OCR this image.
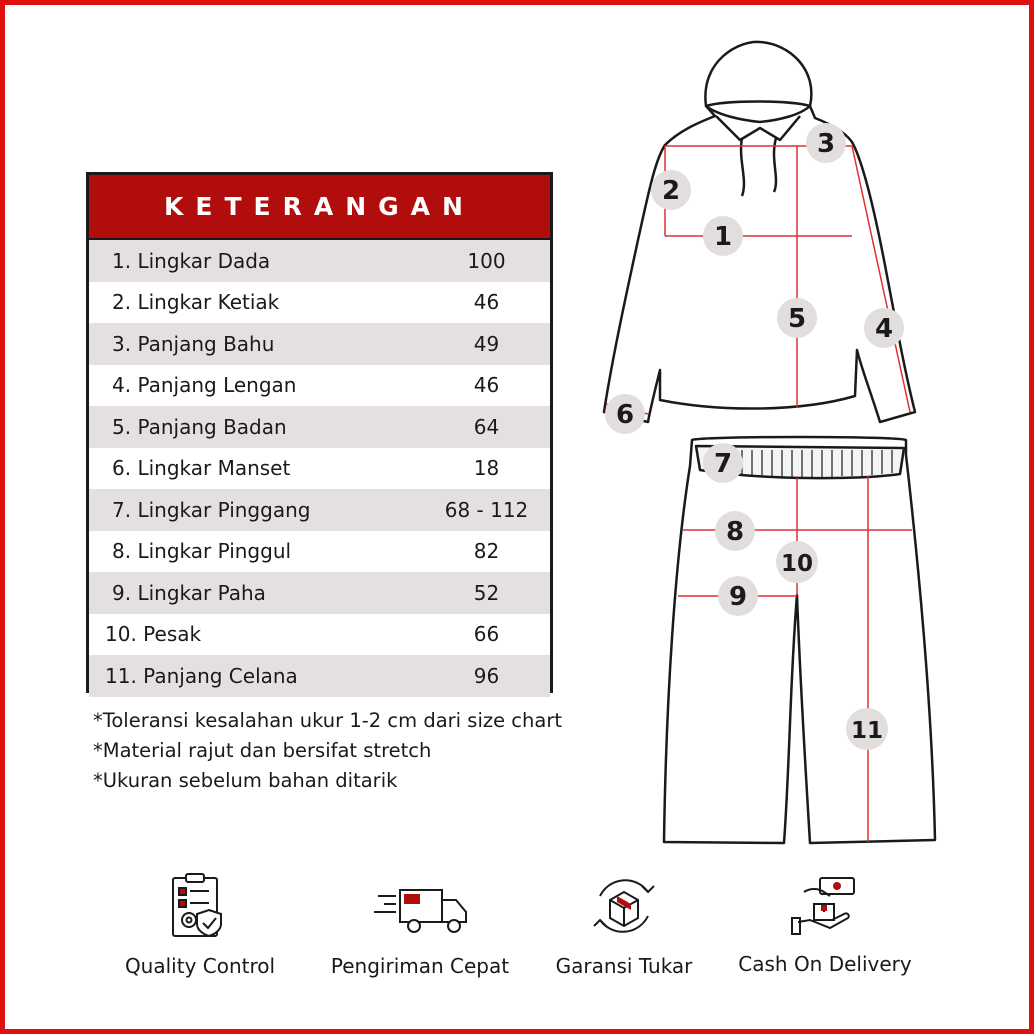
KETERANGAN
1. Lingkar Dada	100
2. Lingkar Ketiak	46
3. Panjang Bahu	49
4. Panjang Lengan	46
5. Panjang Badan	64
6. Lingkar Manset	18
7. Lingkar Pinggang	68 - 112
8. Lingkar Pinggul	82
9. Lingkar Paha	52
10. Pesak	66
11. Panjang Celana	96
*Toleransi kesalahan ukur 1-2 cm dari size chart
*Material rajut dan bersifat stretch
*Ukuran sebelum bahan ditarik
1
2
3
4
5
6
7
8
9
10
11
Quality Control	Pengiriman Cepat	Garansi Tukar	Cash On Delivery
